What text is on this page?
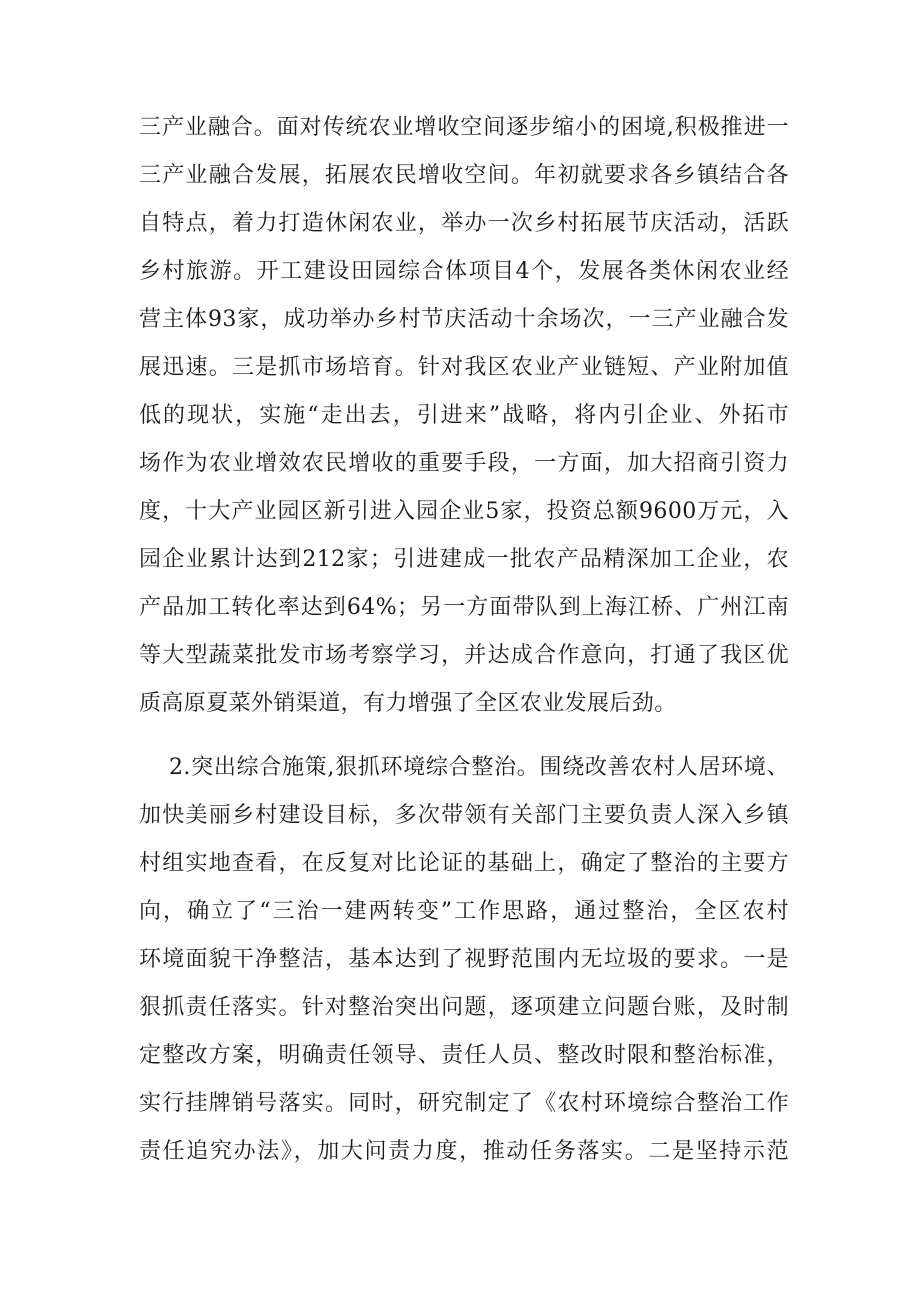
三产业融合。面对传统农业增收空间逐步缩小的困境,积极推进一
三产业融合发展，拓展农民增收空间。年初就要求各乡镇结合各
自特点，着力打造休闲农业，举办一次乡村拓展节庆活动，活跃
乡村旅游。开工建设田园综合体项目4个，发展各类休闲农业经
营主体93家，成功举办乡村节庆活动十余场次，一三产业融合发
展迅速。三是抓市场培育。针对我区农业产业链短、产业附加值
低的现状，实施“走出去，引进来”战略，将内引企业、外拓市
场作为农业增效农民增收的重要手段，一方面，加大招商引资力
度，十大产业园区新引进入园企业5家，投资总额9600万元，入
园企业累计达到212家；引进建成一批农产品精深加工企业，农
产品加工转化率达到64%；另一方面带队到上海江桥、广州江南
等大型蔬菜批发市场考察学习，并达成合作意向，打通了我区优
质高原夏菜外销渠道，有力增强了全区农业发展后劲。
2.突出综合施策,狠抓环境综合整治。围绕改善农村人居环境、
加快美丽乡村建设目标，多次带领有关部门主要负责人深入乡镇
村组实地查看，在反复对比论证的基础上，确定了整治的主要方
向，确立了“三治一建两转变”工作思路，通过整治，全区农村
环境面貌干净整洁，基本达到了视野范围内无垃圾的要求。一是
狠抓责任落实。针对整治突出问题，逐项建立问题台账，及时制
定整改方案，明确责任领导、责任人员、整改时限和整治标准，
实行挂牌销号落实。同时，研究制定了《农村环境综合整治工作
责任追究办法》，加大问责力度，推动任务落实。二是坚持示范
